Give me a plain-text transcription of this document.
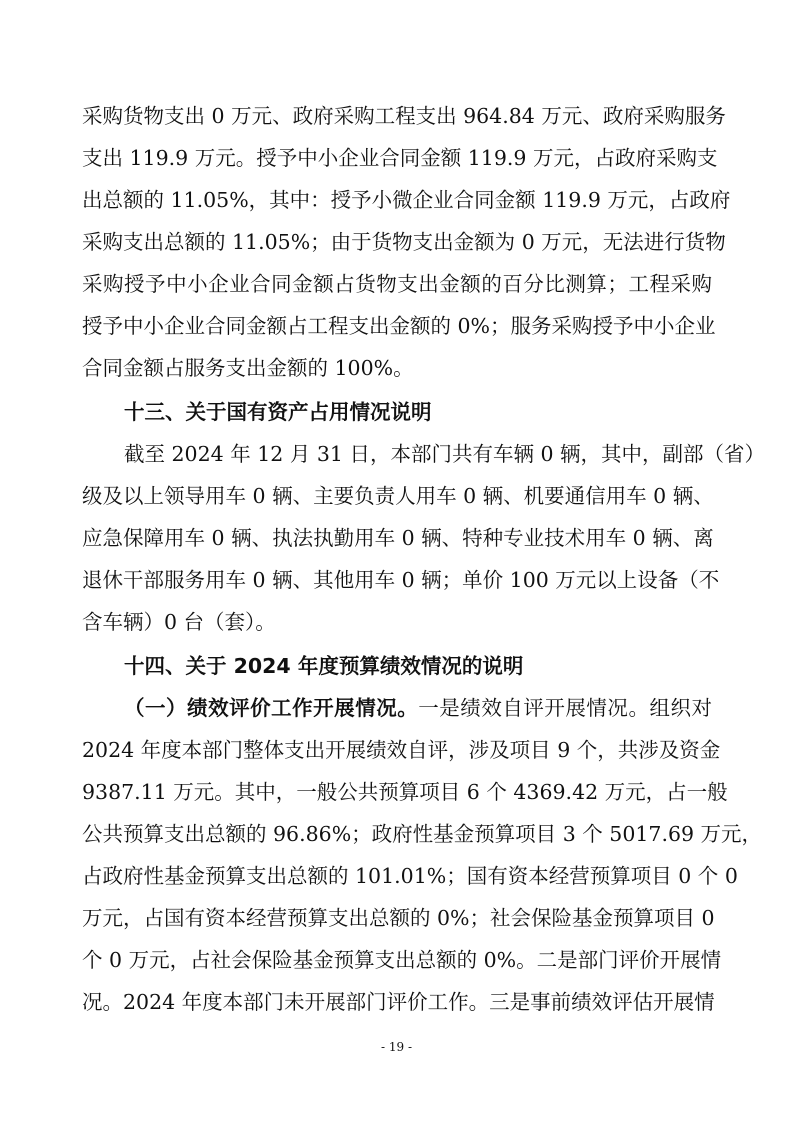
采购货物支出 0 万元、政府采购工程支出 964.84 万元、政府采购服务
支出 119.9 万元。授予中小企业合同金额 119.9 万元，占政府采购支
出总额的 11.05%，其中：授予小微企业合同金额 119.9 万元，占政府
采购支出总额的 11.05%；由于货物支出金额为 0 万元，无法进行货物
采购授予中小企业合同金额占货物支出金额的百分比测算；工程采购
授予中小企业合同金额占工程支出金额的 0%；服务采购授予中小企业
合同金额占服务支出金额的 100%。
十三、关于国有资产占用情况说明
截至 2024 年 12 月 31 日，本部门共有车辆 0 辆，其中，副部（省）
级及以上领导用车 0 辆、主要负责人用车 0 辆、机要通信用车 0 辆、
应急保障用车 0 辆、执法执勤用车 0 辆、特种专业技术用车 0 辆、离
退休干部服务用车 0 辆、其他用车 0 辆；单价 100 万元以上设备（不
含车辆）0 台（套）。
十四、关于 2024 年度预算绩效情况的说明
（一）绩效评价工作开展情况。一是绩效自评开展情况。组织对
2024 年度本部门整体支出开展绩效自评，涉及项目 9 个，共涉及资金
9387.11 万元。其中，一般公共预算项目 6 个 4369.42 万元，占一般
公共预算支出总额的 96.86%；政府性基金预算项目 3 个 5017.69 万元，
占政府性基金预算支出总额的 101.01%；国有资本经营预算项目 0 个 0
万元，占国有资本经营预算支出总额的 0%；社会保险基金预算项目 0
个 0 万元，占社会保险基金预算支出总额的 0%。二是部门评价开展情
况。2024 年度本部门未开展部门评价工作。三是事前绩效评估开展情
- 19 -
